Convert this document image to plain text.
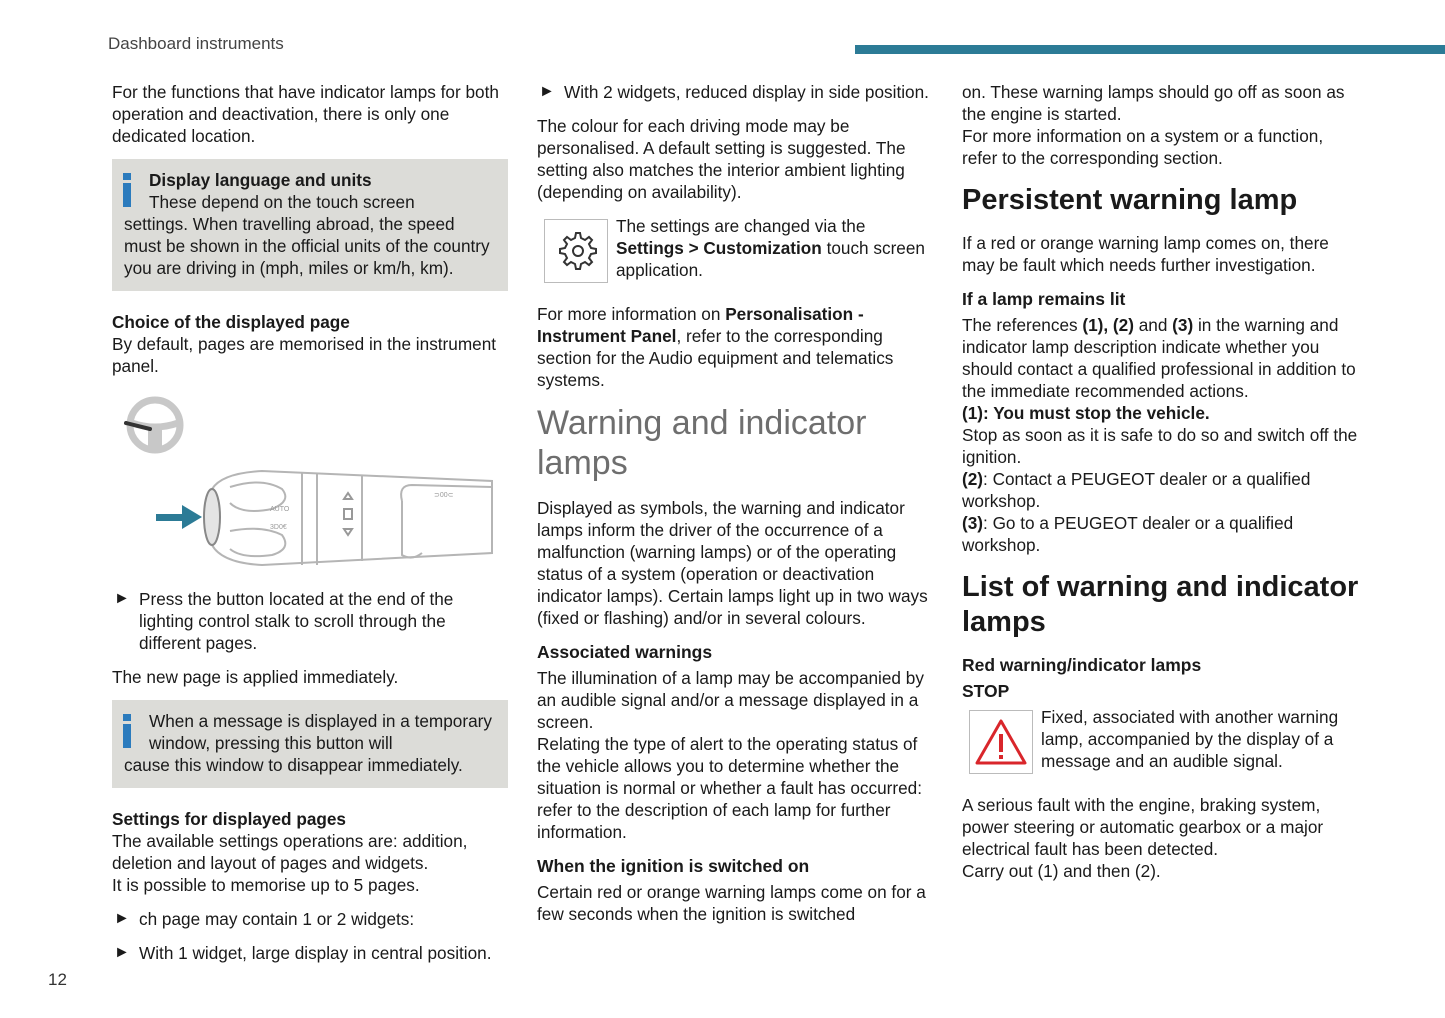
Dashboard instruments
12

For the functions that have indicator lamps for both operation and deactivation, there is only one dedicated location.

Display language and units

These depend on the touch screen

settings. When travelling abroad, the speed must be shown in the official units of the country you are driving in (mph, miles or km/h, km).

Choice of the displayed page

By default, pages are memorised in the instrument panel.

AUTO
3D0€
⊃00⊂
► Press the button located at the end of the lighting control stalk to scroll through the different pages.

The new page is applied immediately.

When a message is displayed in a temporary window, pressing this button will

cause this window to disappear immediately.

Settings for displayed pages

The available settings operations are: addition, deletion and layout of pages and widgets.

It is possible to memorise up to 5 pages.

► ch page may contain 1 or 2 widgets:
► With 1 widget, large display in central position.
► With 2 widgets, reduced display in side position.

The colour for each driving mode may be personalised. A default setting is suggested. The setting also matches the interior ambient lighting (depending on availability).

The settings are changed via the

Settings > Customization touch screen application.

For more information on Personalisation - Instrument Panel, refer to the corresponding section for the Audio equipment and telematics systems.

Warning and indicator lamps

Displayed as symbols, the warning and indicator lamps inform the driver of the occurrence of a malfunction (warning lamps) or of the operating status of a system (operation or deactivation indicator lamps). Certain lamps light up in two ways (fixed or flashing) and/or in several colours.

Associated warnings

The illumination of a lamp may be accompanied by an audible signal and/or a message displayed in a screen.

Relating the type of alert to the operating status of the vehicle allows you to determine whether the situation is normal or whether a fault has occurred: refer to the description of each lamp for further information.

When the ignition is switched on

Certain red or orange warning lamps come on for a few seconds when the ignition is switched

on. These warning lamps should go off as soon as the engine is started.

For more information on a system or a function, refer to the corresponding section.

Persistent warning lamp

If a red or orange warning lamp comes on, there may be fault which needs further investigation.

If a lamp remains lit

The references (1), (2) and (3) in the warning and indicator lamp description indicate whether you should contact a qualified professional in addition to the immediate recommended actions.

(1): You must stop the vehicle.

Stop as soon as it is safe to do so and switch off the ignition.

(2): Contact a PEUGEOT dealer or a qualified workshop.

(3): Go to a PEUGEOT dealer or a qualified workshop.

List of warning and indicator lamps

Red warning/indicator lamps

STOP

Fixed, associated with another warning lamp, accompanied by the display of a message and an audible signal.

A serious fault with the engine, braking system, power steering or automatic gearbox or a major electrical fault has been detected.

Carry out (1) and then (2).
